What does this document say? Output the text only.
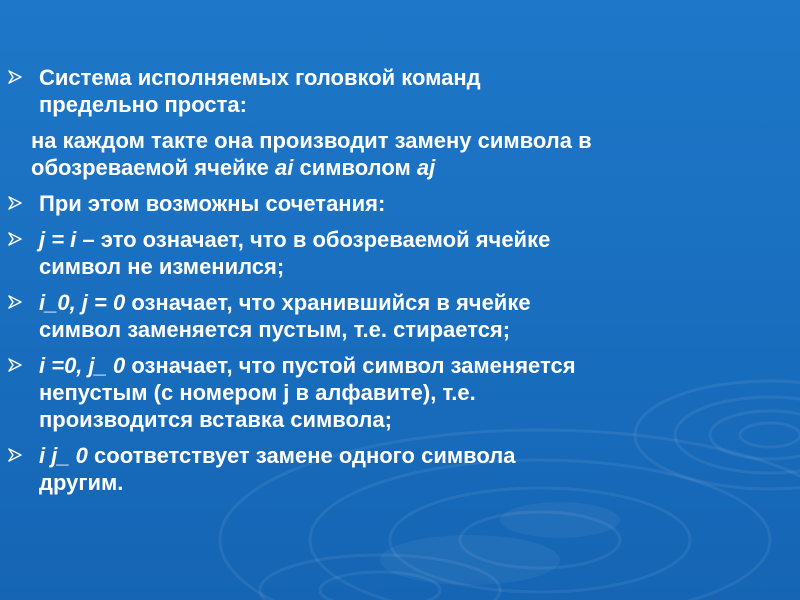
Система исполняемых головкой команд
предельно проста:
на каждом такте она производит замену символа в
обозреваемой ячейке ai символом aj
При этом возможны сочетания:
j = i – это означает, что в обозреваемой ячейке
символ не изменился;
i_0, j = 0 означает, что хранившийся в ячейке
символ заменяется пустым, т.е. стирается;
i =0, j_ 0 означает, что пустой символ заменяется
непустым (с номером j в алфавите), т.е.
производится вставка символа;
i j_ 0 соответствует замене одного символа
другим.
